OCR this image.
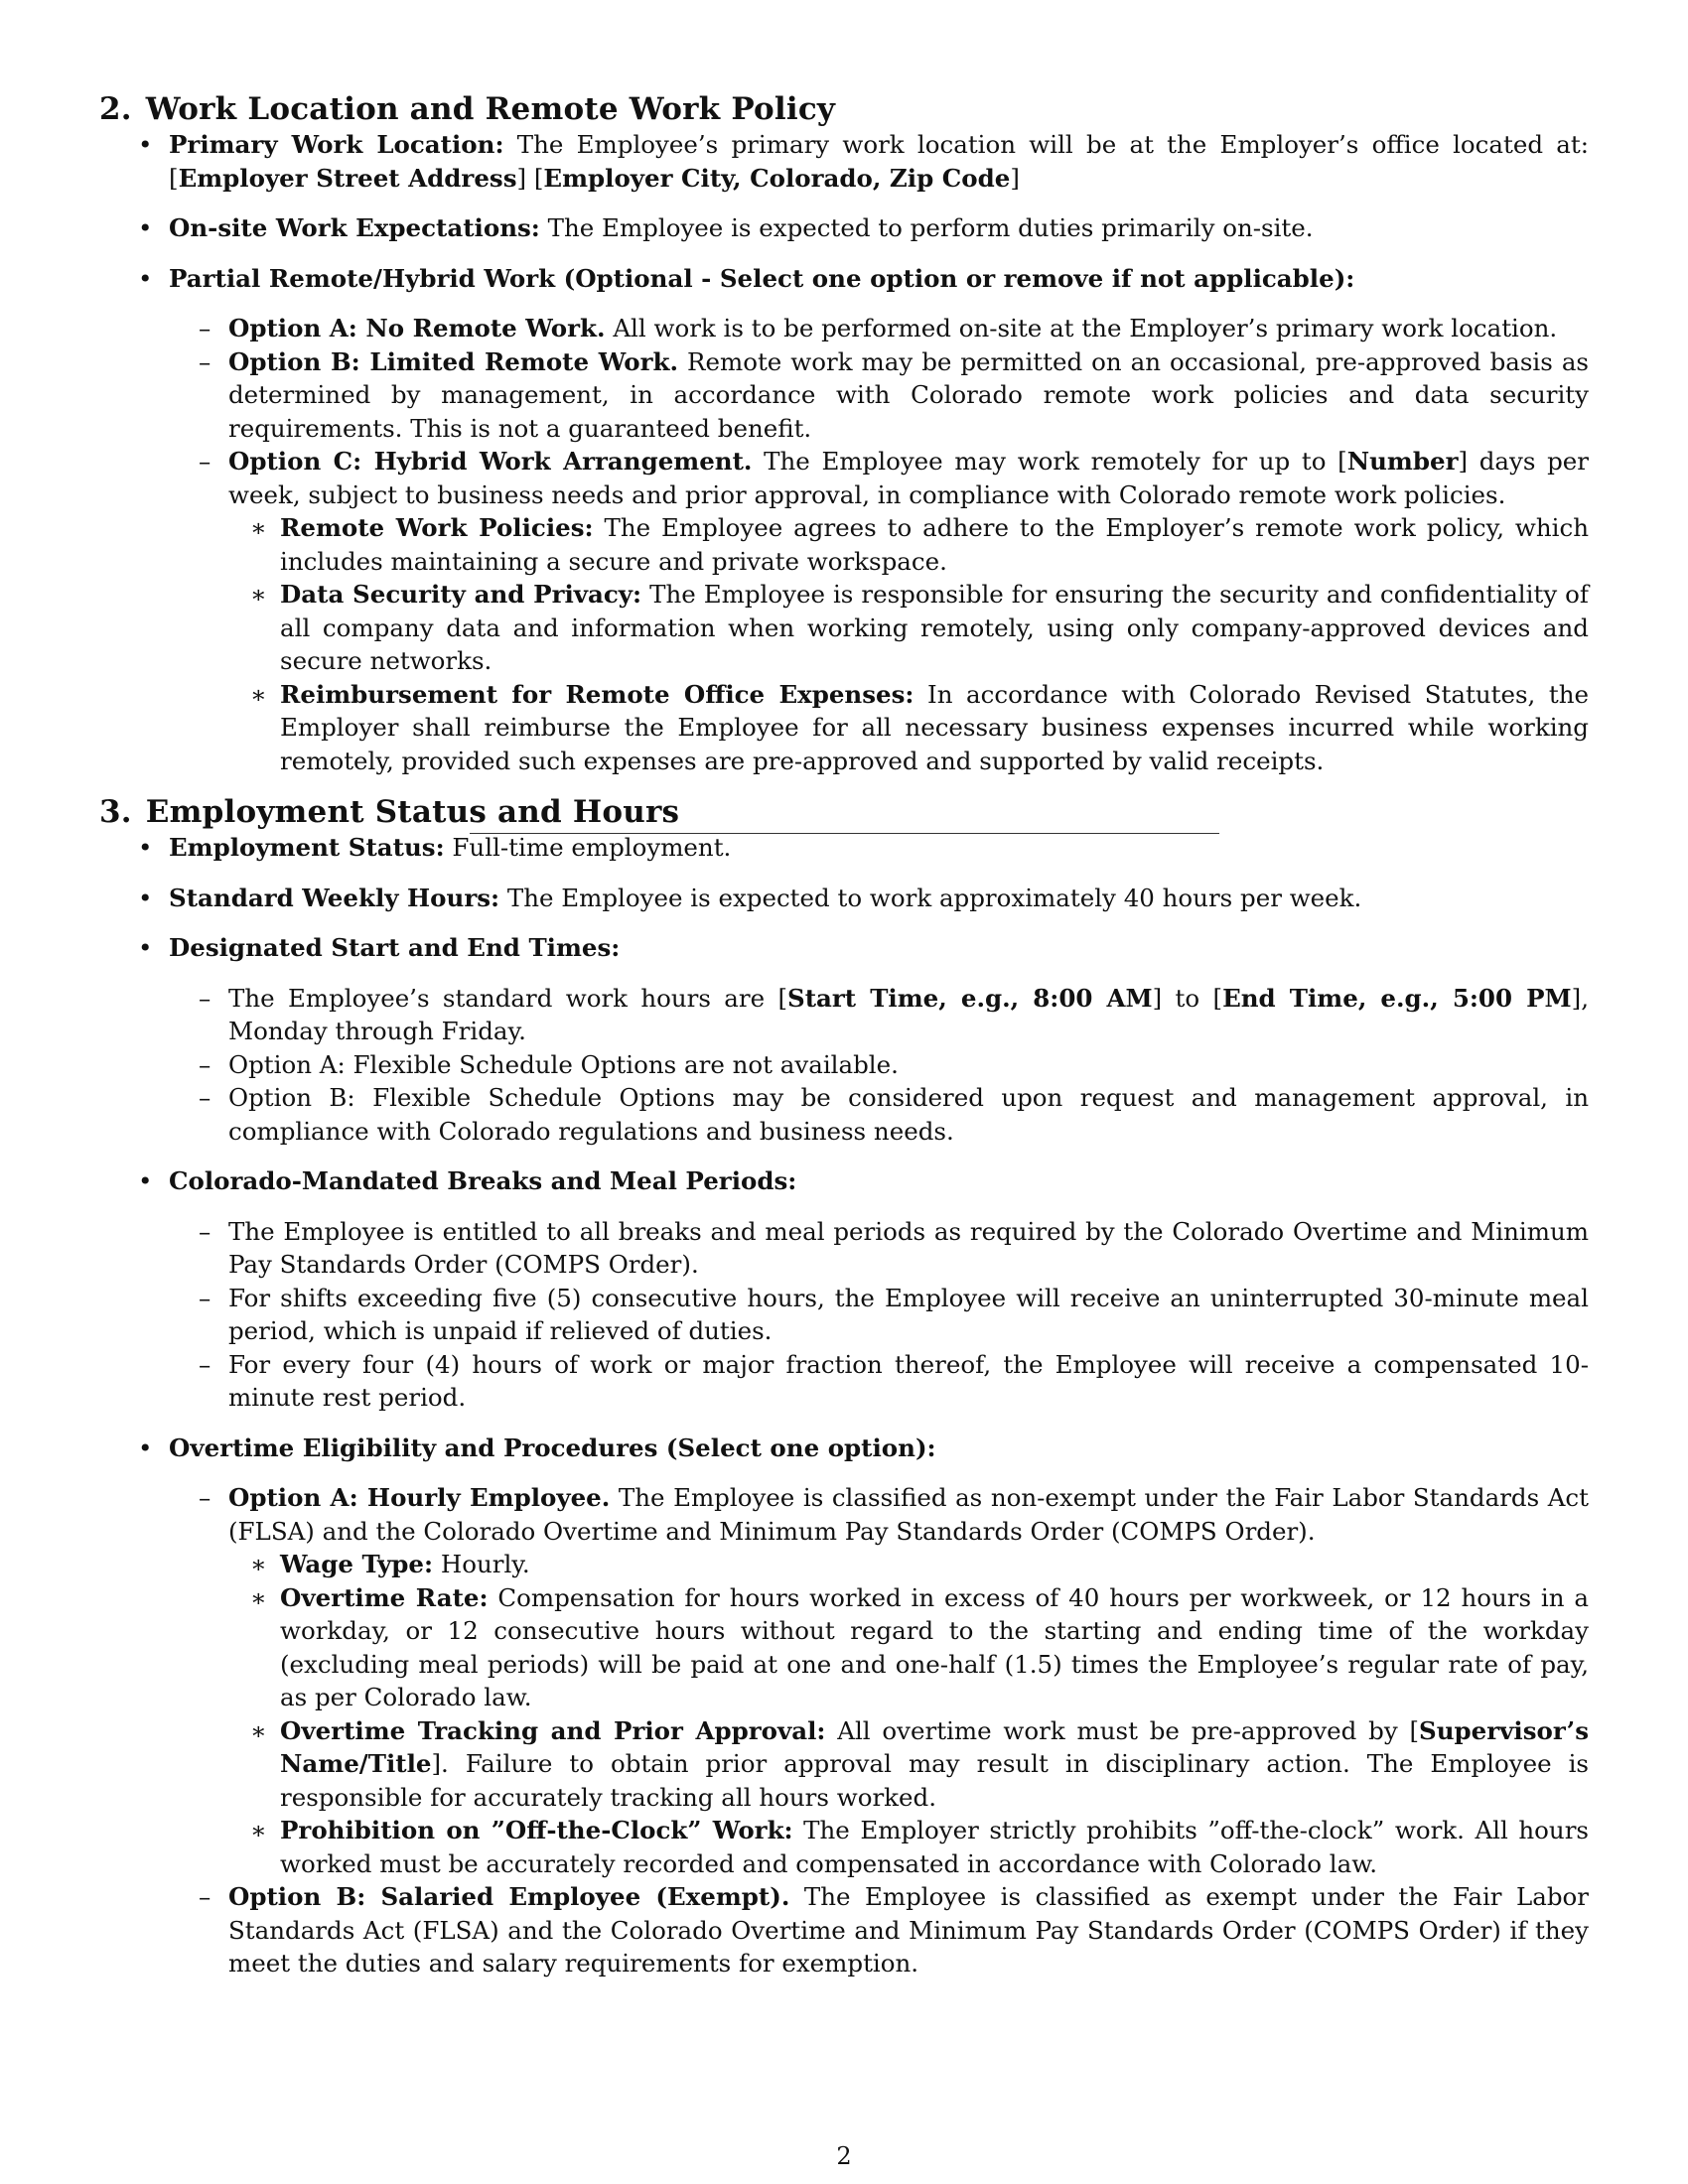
2. Work Location and Remote Work Policy
• Primary Work Location: The Employee’s primary work location will be at the Employer’s office located at: [Employer Street Address] [Employer City, Colorado, Zip Code]
• On-site Work Expectations: The Employee is expected to perform duties primarily on-site.
• Partial Remote/Hybrid Work (Optional - Select one option or remove if not applicable):
– Option A: No Remote Work. All work is to be performed on-site at the Employer’s primary work location.
– Option B: Limited Remote Work. Remote work may be permitted on an occasional, pre-approved basis as determined by management, in accordance with Colorado remote work policies and data security requirements. This is not a guaranteed benefit.
– Option C: Hybrid Work Arrangement. The Employee may work remotely for up to [Number] days per week, subject to business needs and prior approval, in compliance with Colorado remote work policies.
∗ Remote Work Policies: The Employee agrees to adhere to the Employer’s remote work policy, which includes maintaining a secure and private workspace.
∗ Data Security and Privacy: The Employee is responsible for ensuring the security and confidentiality of all company data and information when working remotely, using only company-approved devices and secure networks.
∗ Reimbursement for Remote Office Expenses: In accordance with Colorado Revised Statutes, the Employer shall reimburse the Employee for all necessary business expenses incurred while working remotely, provided such expenses are pre-approved and supported by valid receipts.
3. Employment Status and Hours
• Employment Status: Full-time employment.
• Standard Weekly Hours: The Employee is expected to work approximately 40 hours per week.
• Designated Start and End Times:
– The Employee’s standard work hours are [Start Time, e.g., 8:00 AM] to [End Time, e.g., 5:00 PM], Monday through Friday.
– Option A: Flexible Schedule Options are not available.
– Option B: Flexible Schedule Options may be considered upon request and management approval, in compliance with Colorado regulations and business needs.
• Colorado-Mandated Breaks and Meal Periods:
– The Employee is entitled to all breaks and meal periods as required by the Colorado Overtime and Minimum Pay Standards Order (COMPS Order).
– For shifts exceeding five (5) consecutive hours, the Employee will receive an uninterrupted 30-minute meal period, which is unpaid if relieved of duties.
– For every four (4) hours of work or major fraction thereof, the Employee will receive a compensated 10-minute rest period.
• Overtime Eligibility and Procedures (Select one option):
– Option A: Hourly Employee. The Employee is classified as non-exempt under the Fair Labor Standards Act (FLSA) and the Colorado Overtime and Minimum Pay Standards Order (COMPS Order).
∗ Wage Type: Hourly.
∗ Overtime Rate: Compensation for hours worked in excess of 40 hours per workweek, or 12 hours in a workday, or 12 consecutive hours without regard to the starting and ending time of the workday (excluding meal periods) will be paid at one and one-half (1.5) times the Employee’s regular rate of pay, as per Colorado law.
∗ Overtime Tracking and Prior Approval: All overtime work must be pre-approved by [Supervisor’s Name/Title]. Failure to obtain prior approval may result in disciplinary action. The Employee is responsible for accurately tracking all hours worked.
∗ Prohibition on ”Off-the-Clock” Work: The Employer strictly prohibits ”off-the-clock” work. All hours worked must be accurately recorded and compensated in accordance with Colorado law.
– Option B: Salaried Employee (Exempt). The Employee is classified as exempt under the Fair Labor Standards Act (FLSA) and the Colorado Overtime and Minimum Pay Standards Order (COMPS Order) if they meet the duties and salary requirements for exemption.
2
